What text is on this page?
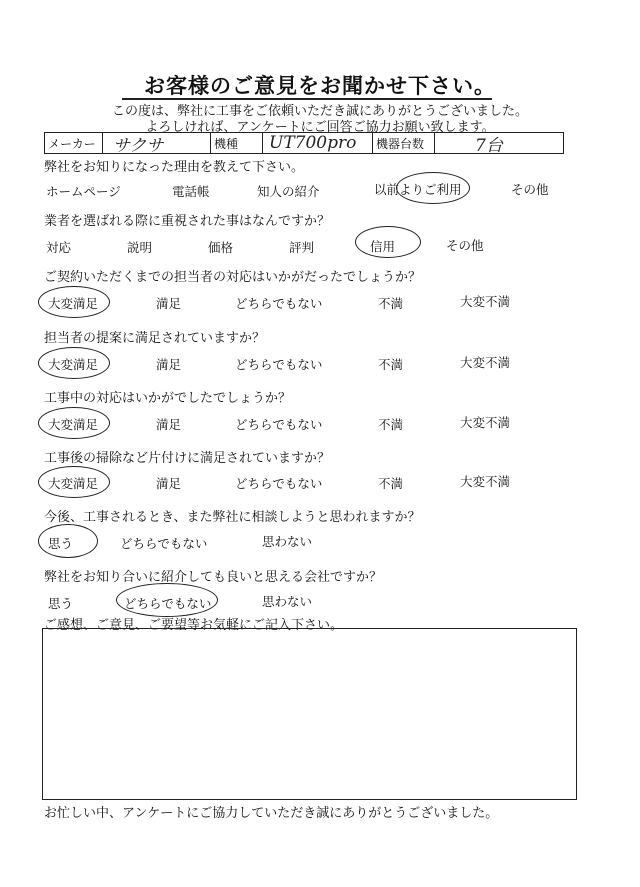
お客様のご意見をお聞かせ下さい。
この度は、弊社に工事をご依頼いただき誠にありがとうございました。
よろしければ、アンケートにご回答ご協力お願い致します。
メーカー	サクサ	機種	UT700pro	機器台数	7台
弊社をお知りになった理由を教えて下さい。
ホームページ	電話帳	知人の紹介	以前よりご利用	その他
業者を選ばれる際に重視された事はなんですか？
対応	説明	価格	評判	信用	その他
ご契約いただくまでの担当者の対応はいかがだったでしょうか？
大変満足	満足	どちらでもない	不満	大変不満
担当者の提案に満足されていますか？
大変満足	満足	どちらでもない	不満	大変不満
工事中の対応はいかがでしたでしょうか？
大変満足	満足	どちらでもない	不満	大変不満
工事後の掃除など片付けに満足されていますか？
大変満足	満足	どちらでもない	不満	大変不満
今後、工事されるとき、また弊社に相談しようと思われますか？
思う	どちらでもない	思わない
弊社をお知り合いに紹介しても良いと思える会社ですか？
思う	どちらでもない	思わない
ご感想、ご意見、ご要望等お気軽にご記入下さい。
お忙しい中、アンケートにご協力していただき誠にありがとうございました。
